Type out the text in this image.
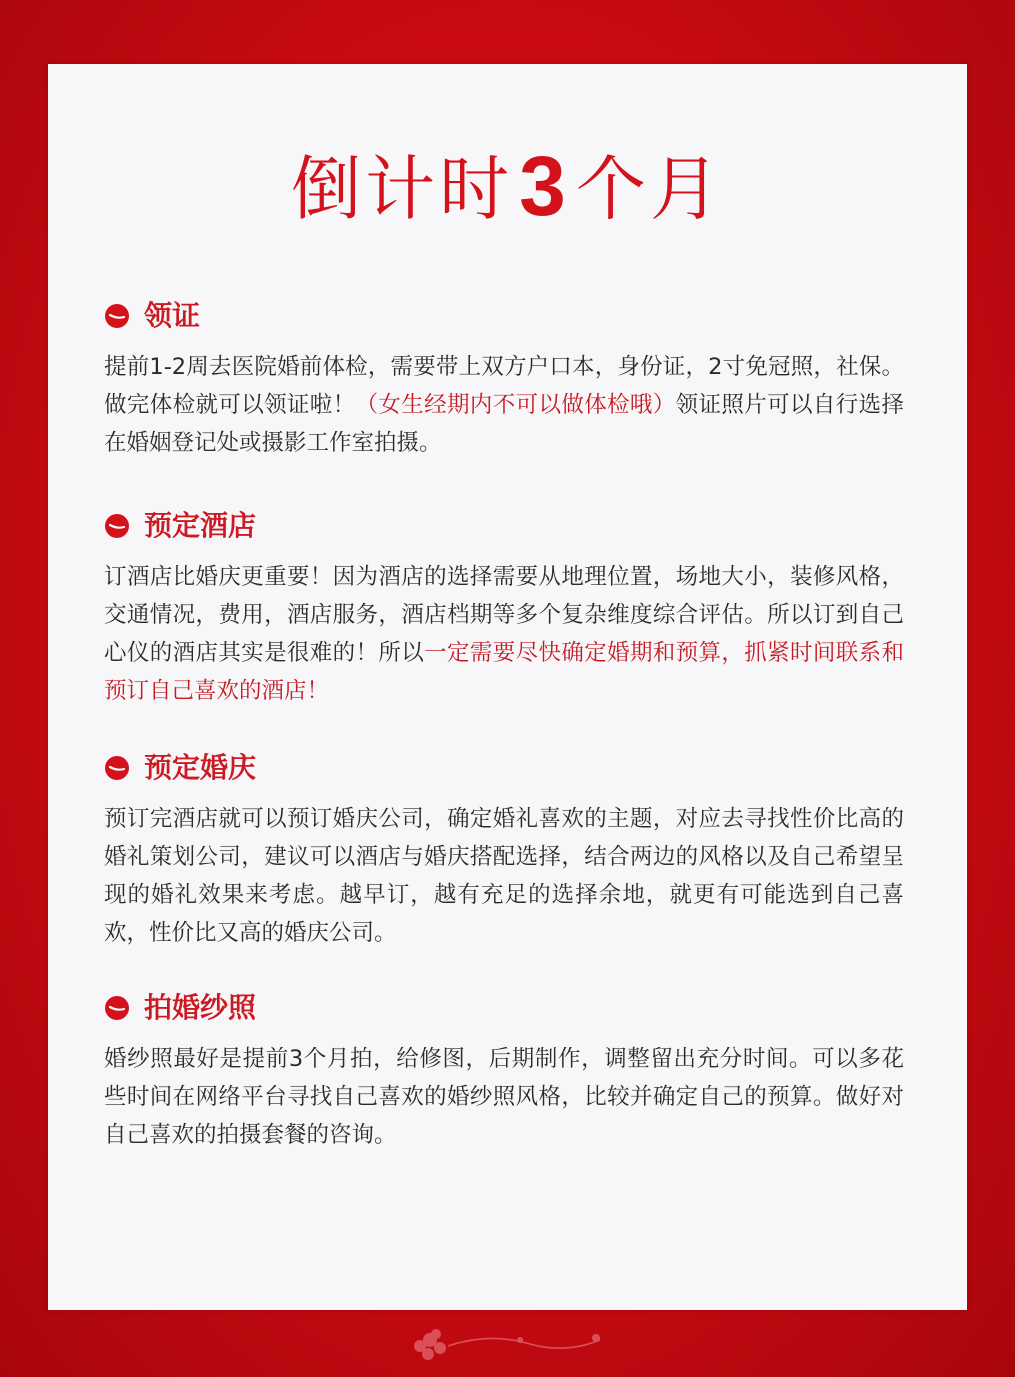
倒计时3个月
领证
提前1-2周去医院婚前体检，需要带上双方户口本，身份证，2寸免冠照，社保。做完体检就可以领证啦！（女生经期内不可以做体检哦）领证照片可以自行选择在婚姻登记处或摄影工作室拍摄。
预定酒店
订酒店比婚庆更重要！因为酒店的选择需要从地理位置，场地大小，装修风格，交通情况，费用，酒店服务，酒店档期等多个复杂维度综合评估。所以订到自己心仪的酒店其实是很难的！所以一定需要尽快确定婚期和预算，抓紧时间联系和预订自己喜欢的酒店！
预定婚庆
预订完酒店就可以预订婚庆公司，确定婚礼喜欢的主题，对应去寻找性价比高的婚礼策划公司，建议可以酒店与婚庆搭配选择，结合两边的风格以及自己希望呈现的婚礼效果来考虑。越早订，越有充足的选择余地，就更有可能选到自己喜欢，性价比又高的婚庆公司。
拍婚纱照
婚纱照最好是提前3个月拍，给修图，后期制作，调整留出充分时间。可以多花些时间在网络平台寻找自己喜欢的婚纱照风格，比较并确定自己的预算。做好对自己喜欢的拍摄套餐的咨询。
